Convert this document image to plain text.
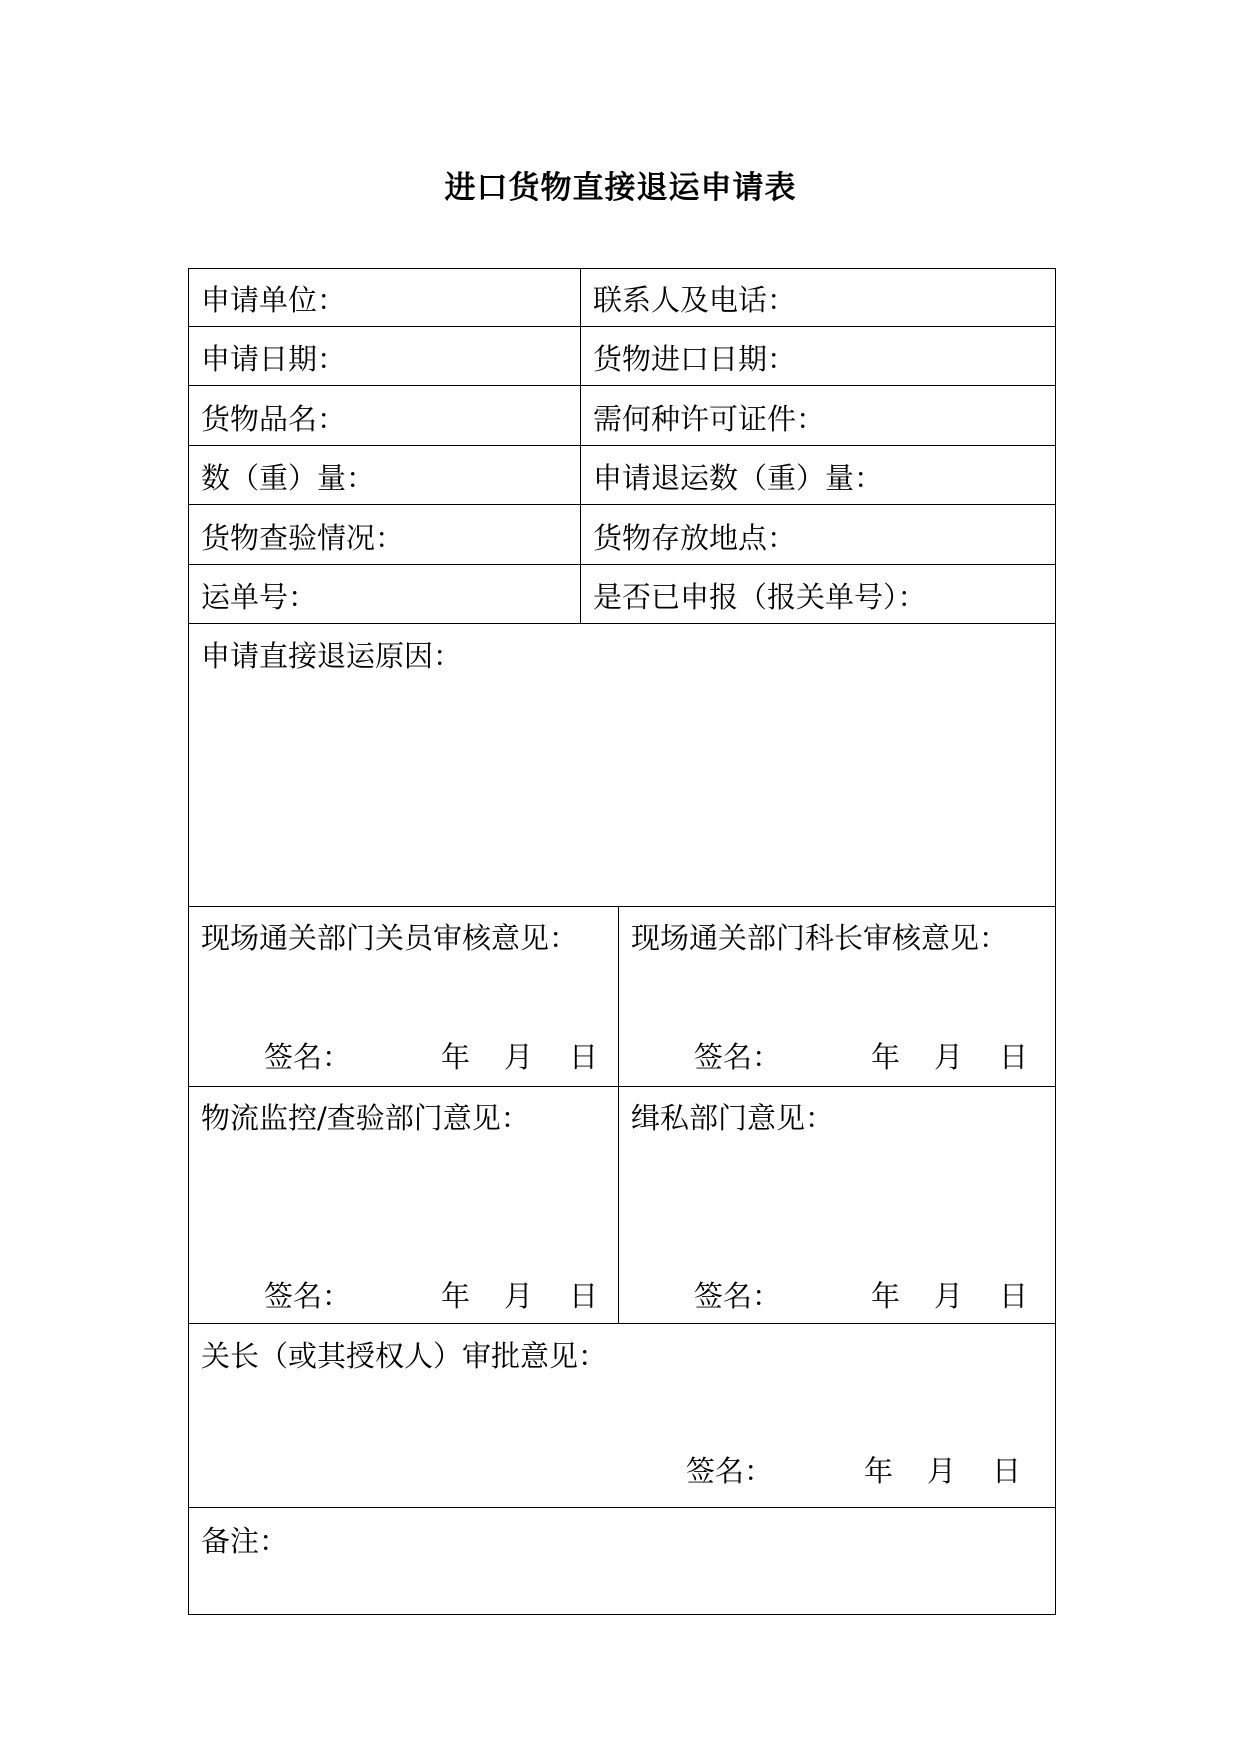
进口货物直接退运申请表
申请单位：	联系人及电话：
申请日期：	货物进口日期：
货物品名：	需何种许可证件：
数（重）量：	申请退运数（重）量：
货物查验情况：	货物存放地点：
运单号：	是否已申报（报关单号）：
申请直接退运原因：
现场通关部门关员审核意见： 现场通关部门科长审核意见：
签名：	年 月 日	签名：	年 月 日
物流监控/查验部门意见：	缉私部门意见：
签名：	年 月 日	签名：	年 月 日
关长（或其授权人）审批意见：
签名：	年 月 日
备注：
